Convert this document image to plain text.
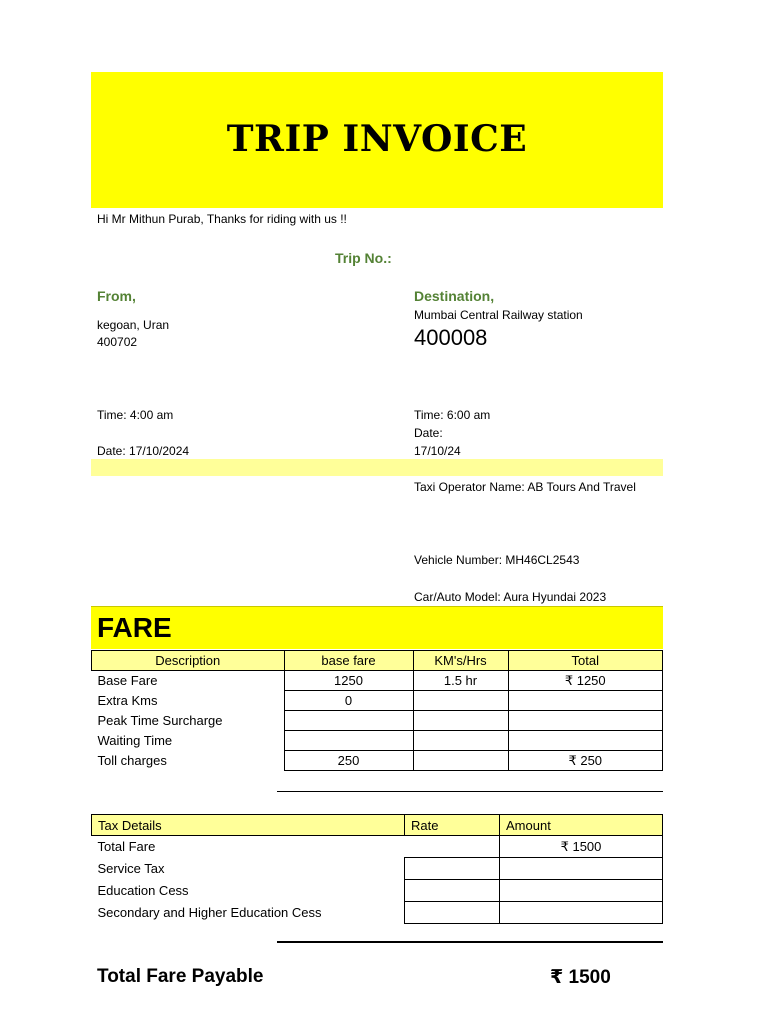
TRIP INVOICE
Hi Mr Mithun Purab, Thanks for riding with us !!
Trip No.:
From,
kegoan, Uran
400702
Time: 4:00 am
Date: 17/10/2024
Destination,
Mumbai Central Railway station
400008
Time: 6:00 am
Date:
17/10/24
Taxi Operator Name: AB Tours And Travel
Vehicle Number: MH46CL2543
Car/Auto Model: Aura Hyundai 2023
FARE
Description	base fare	KM's/Hrs	Total
Base Fare	1250	1.5 hr	₹ 1250
Extra Kms	0		
Peak Time Surcharge			
Waiting Time			
Toll charges	250		₹ 250
Tax Details	Rate	Amount
Total Fare		₹ 1500
Service Tax		
Education Cess		
Secondary and Higher Education Cess		
Total Fare Payable	₹ 1500
